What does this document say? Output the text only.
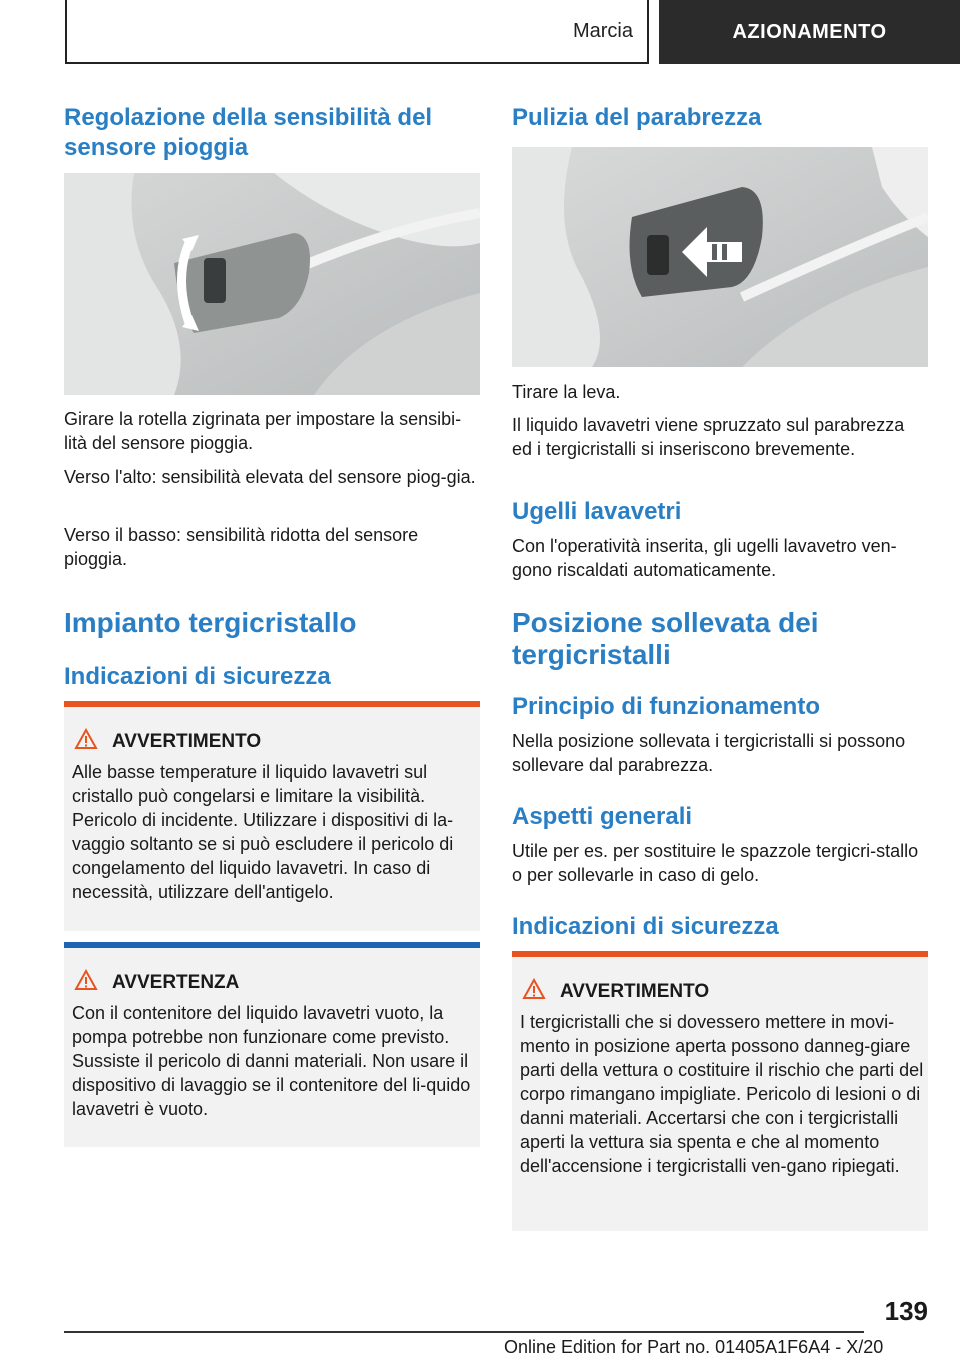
Marcia	AZIONAMENTO
Regolazione della sensibilità del sensore pioggia

Girare la rotella zigrinata per impostare la sensibi-lità del sensore pioggia.

Verso l'alto: sensibilità elevata del sensore piog-gia.

Verso il basso: sensibilità ridotta del sensore pioggia.

Impianto tergicristallo
Indicazioni di sicurezza
AVVERTIMENTO
Alle basse temperature il liquido lavavetri sul cristallo può congelarsi e limitare la visibilità. Pericolo di incidente. Utilizzare i dispositivi di la-vaggio soltanto se si può escludere il pericolo di congelamento del liquido lavavetri. In caso di necessità, utilizzare dell'antigelo.
AVVERTENZA
Con il contenitore del liquido lavavetri vuoto, la pompa potrebbe non funzionare come previsto. Sussiste il pericolo di danni materiali. Non usare il dispositivo di lavaggio se il contenitore del li-quido lavavetri è vuoto.
Pulizia del parabrezza

Tirare la leva.

Il liquido lavavetri viene spruzzato sul parabrezza ed i tergicristalli si inseriscono brevemente.

Ugelli lavavetri

Con l'operatività inserita, gli ugelli lavavetro ven-gono riscaldati automaticamente.

Posizione sollevata dei tergicristalli
Principio di funzionamento

Nella posizione sollevata i tergicristalli si possono sollevare dal parabrezza.

Aspetti generali

Utile per es. per sostituire le spazzole tergicri-stallo o per sollevarle in caso di gelo.

Indicazioni di sicurezza
AVVERTIMENTO
I tergicristalli che si dovessero mettere in movi-mento in posizione aperta possono danneg-giare parti della vettura o costituire il rischio che parti del corpo rimangano impigliate. Pericolo di lesioni o di danni materiali. Accertarsi che con i tergicristalli aperti la vettura sia spenta e che al momento dell'accensione i tergicristalli ven-gano ripiegati.
139
Online Edition for Part no. 01405A1F6A4 - X/20
